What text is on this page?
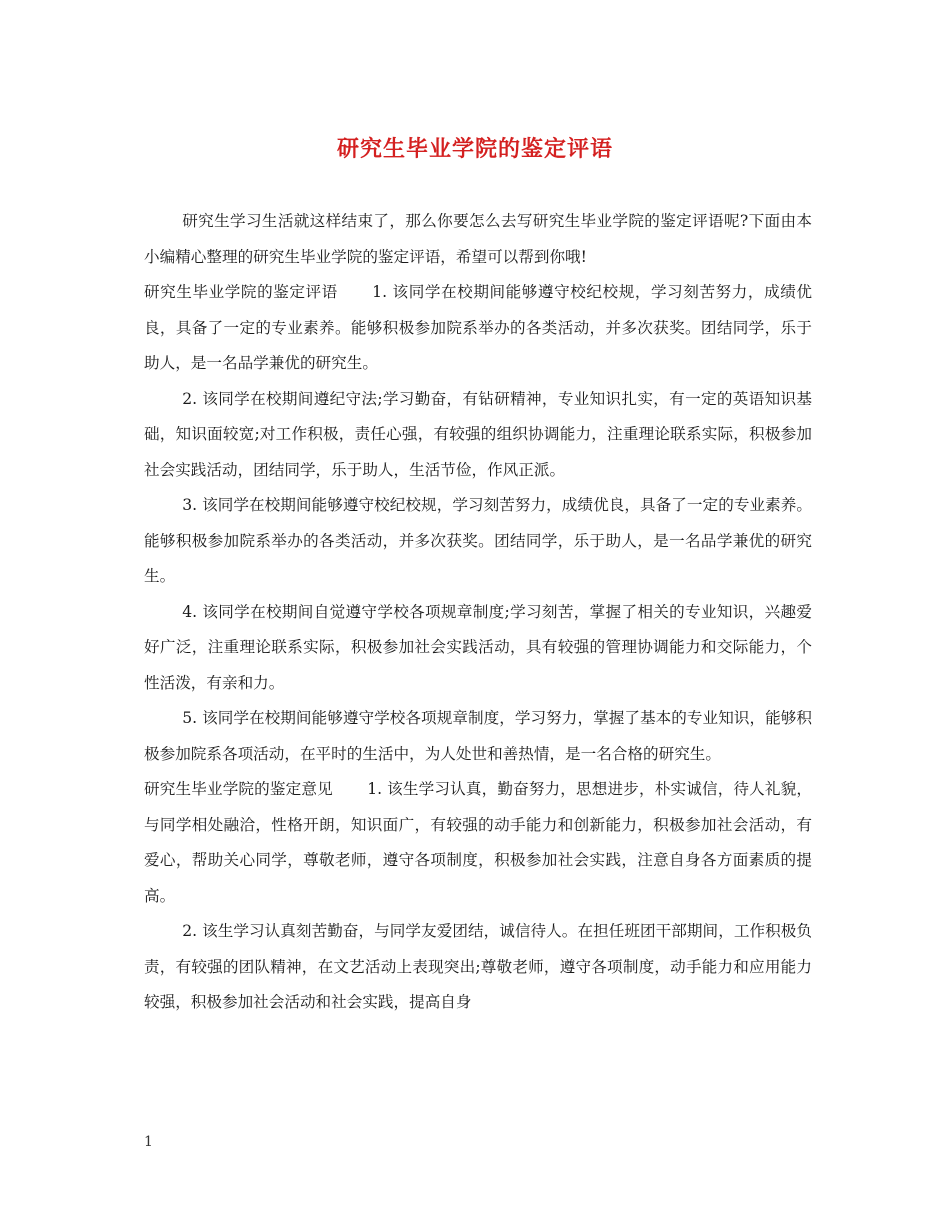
研究生毕业学院的鉴定评语

研究生学习生活就这样结束了，那么你要怎么去写研究生毕业学院的鉴定评语呢?下面由本小编精心整理的研究生毕业学院的鉴定评语，希望可以帮到你哦!

研究生毕业学院的鉴定评语 1. 该同学在校期间能够遵守校纪校规，学习刻苦努力，成绩优良，具备了一定的专业素养。能够积极参加院系举办的各类活动，并多次获奖。团结同学，乐于助人，是一名品学兼优的研究生。

2. 该同学在校期间遵纪守法;学习勤奋，有钻研精神，专业知识扎实，有一定的英语知识基础，知识面较宽;对工作积极，责任心强，有较强的组织协调能力，注重理论联系实际，积极参加社会实践活动，团结同学，乐于助人，生活节俭，作风正派。

3. 该同学在校期间能够遵守校纪校规，学习刻苦努力，成绩优良，具备了一定的专业素养。能够积极参加院系举办的各类活动，并多次获奖。团结同学，乐于助人，是一名品学兼优的研究生。

4. 该同学在校期间自觉遵守学校各项规章制度;学习刻苦，掌握了相关的专业知识，兴趣爱好广泛，注重理论联系实际，积极参加社会实践活动，具有较强的管理协调能力和交际能力，个性活泼，有亲和力。

5. 该同学在校期间能够遵守学校各项规章制度，学习努力，掌握了基本的专业知识，能够积极参加院系各项活动，在平时的生活中，为人处世和善热情，是一名合格的研究生。

研究生毕业学院的鉴定意见 1. 该生学习认真，勤奋努力，思想进步，朴实诚信，待人礼貌，与同学相处融洽，性格开朗，知识面广，有较强的动手能力和创新能力，积极参加社会活动，有爱心，帮助关心同学，尊敬老师，遵守各项制度，积极参加社会实践，注意自身各方面素质的提高。

2. 该生学习认真刻苦勤奋，与同学友爱团结，诚信待人。在担任班团干部期间，工作积极负责，有较强的团队精神，在文艺活动上表现突出;尊敬老师，遵守各项制度，动手能力和应用能力较强，积极参加社会活动和社会实践，提高自身

1
